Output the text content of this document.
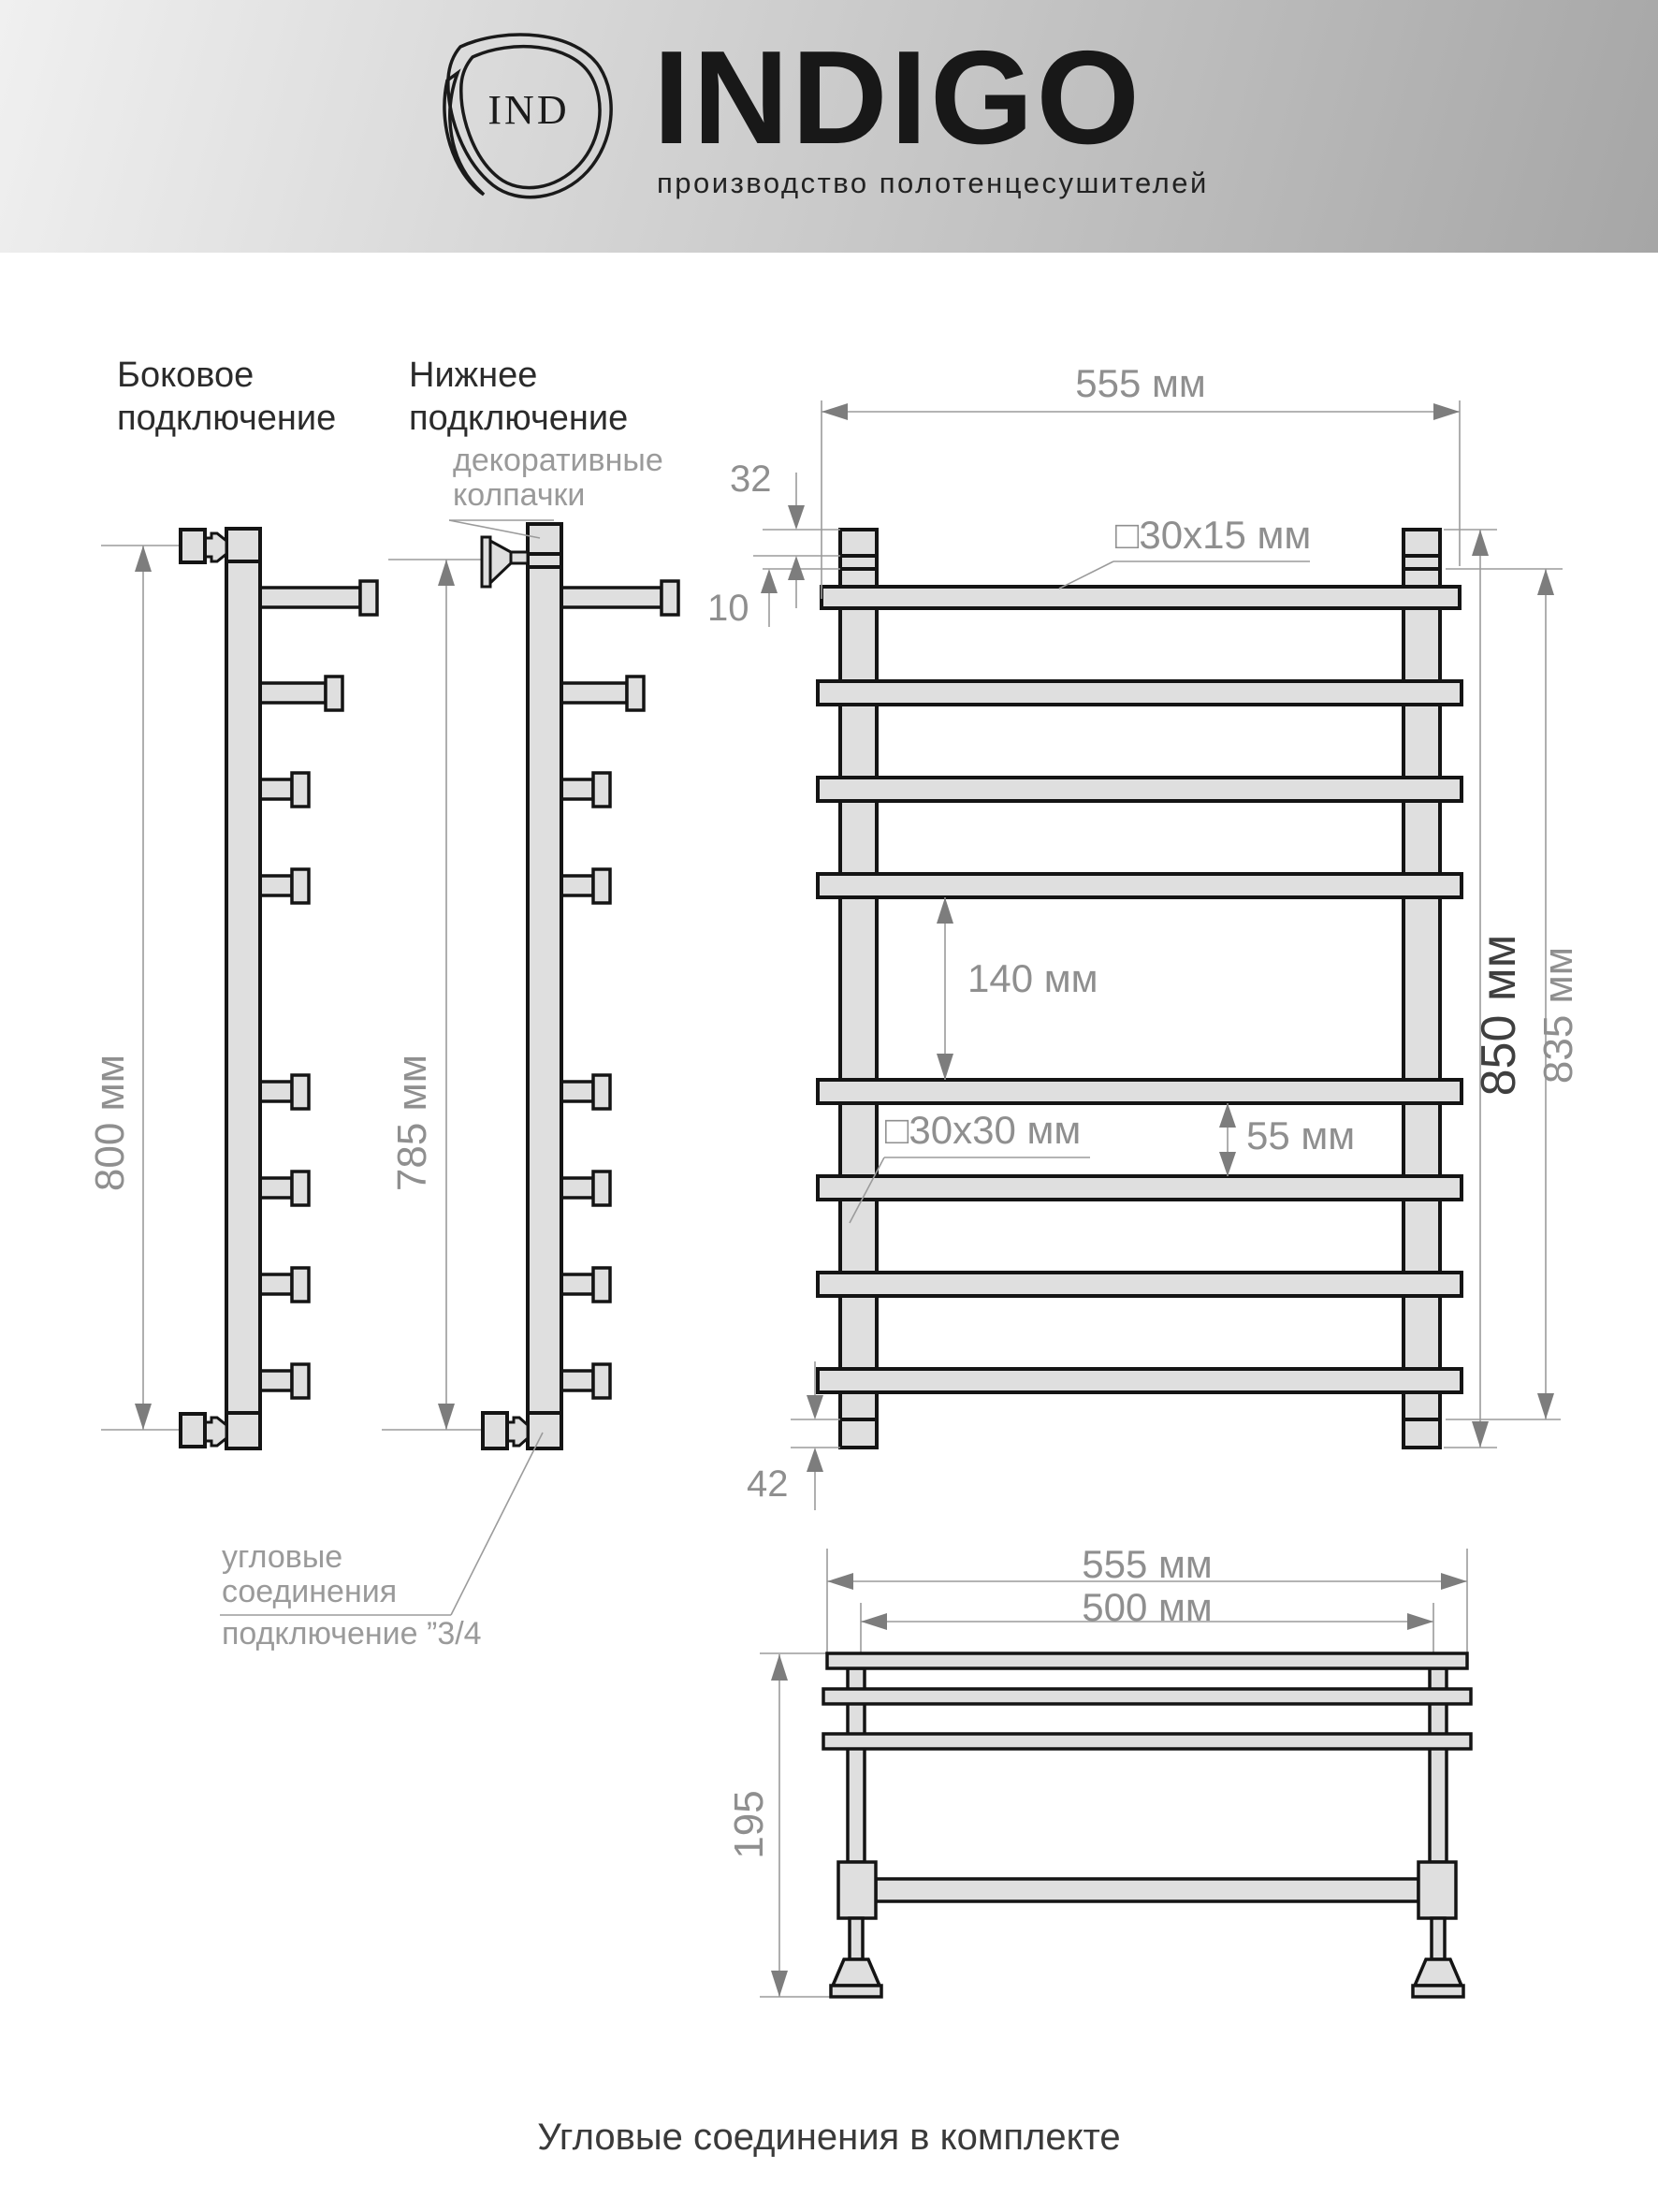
IND INDIGO
производство полотенцесушителей
Боковое
подключение
Нижнее
подключение
декоративные
колпачки
угловые
соединения
подключение ”3/4
800 мм	785 мм
850 мм 835 мм
195
555 мм
32
10
42
140 мм
55 мм
□30x15 мм
□30x30 мм
555 мм
500 мм
Угловые соединения в комплекте
